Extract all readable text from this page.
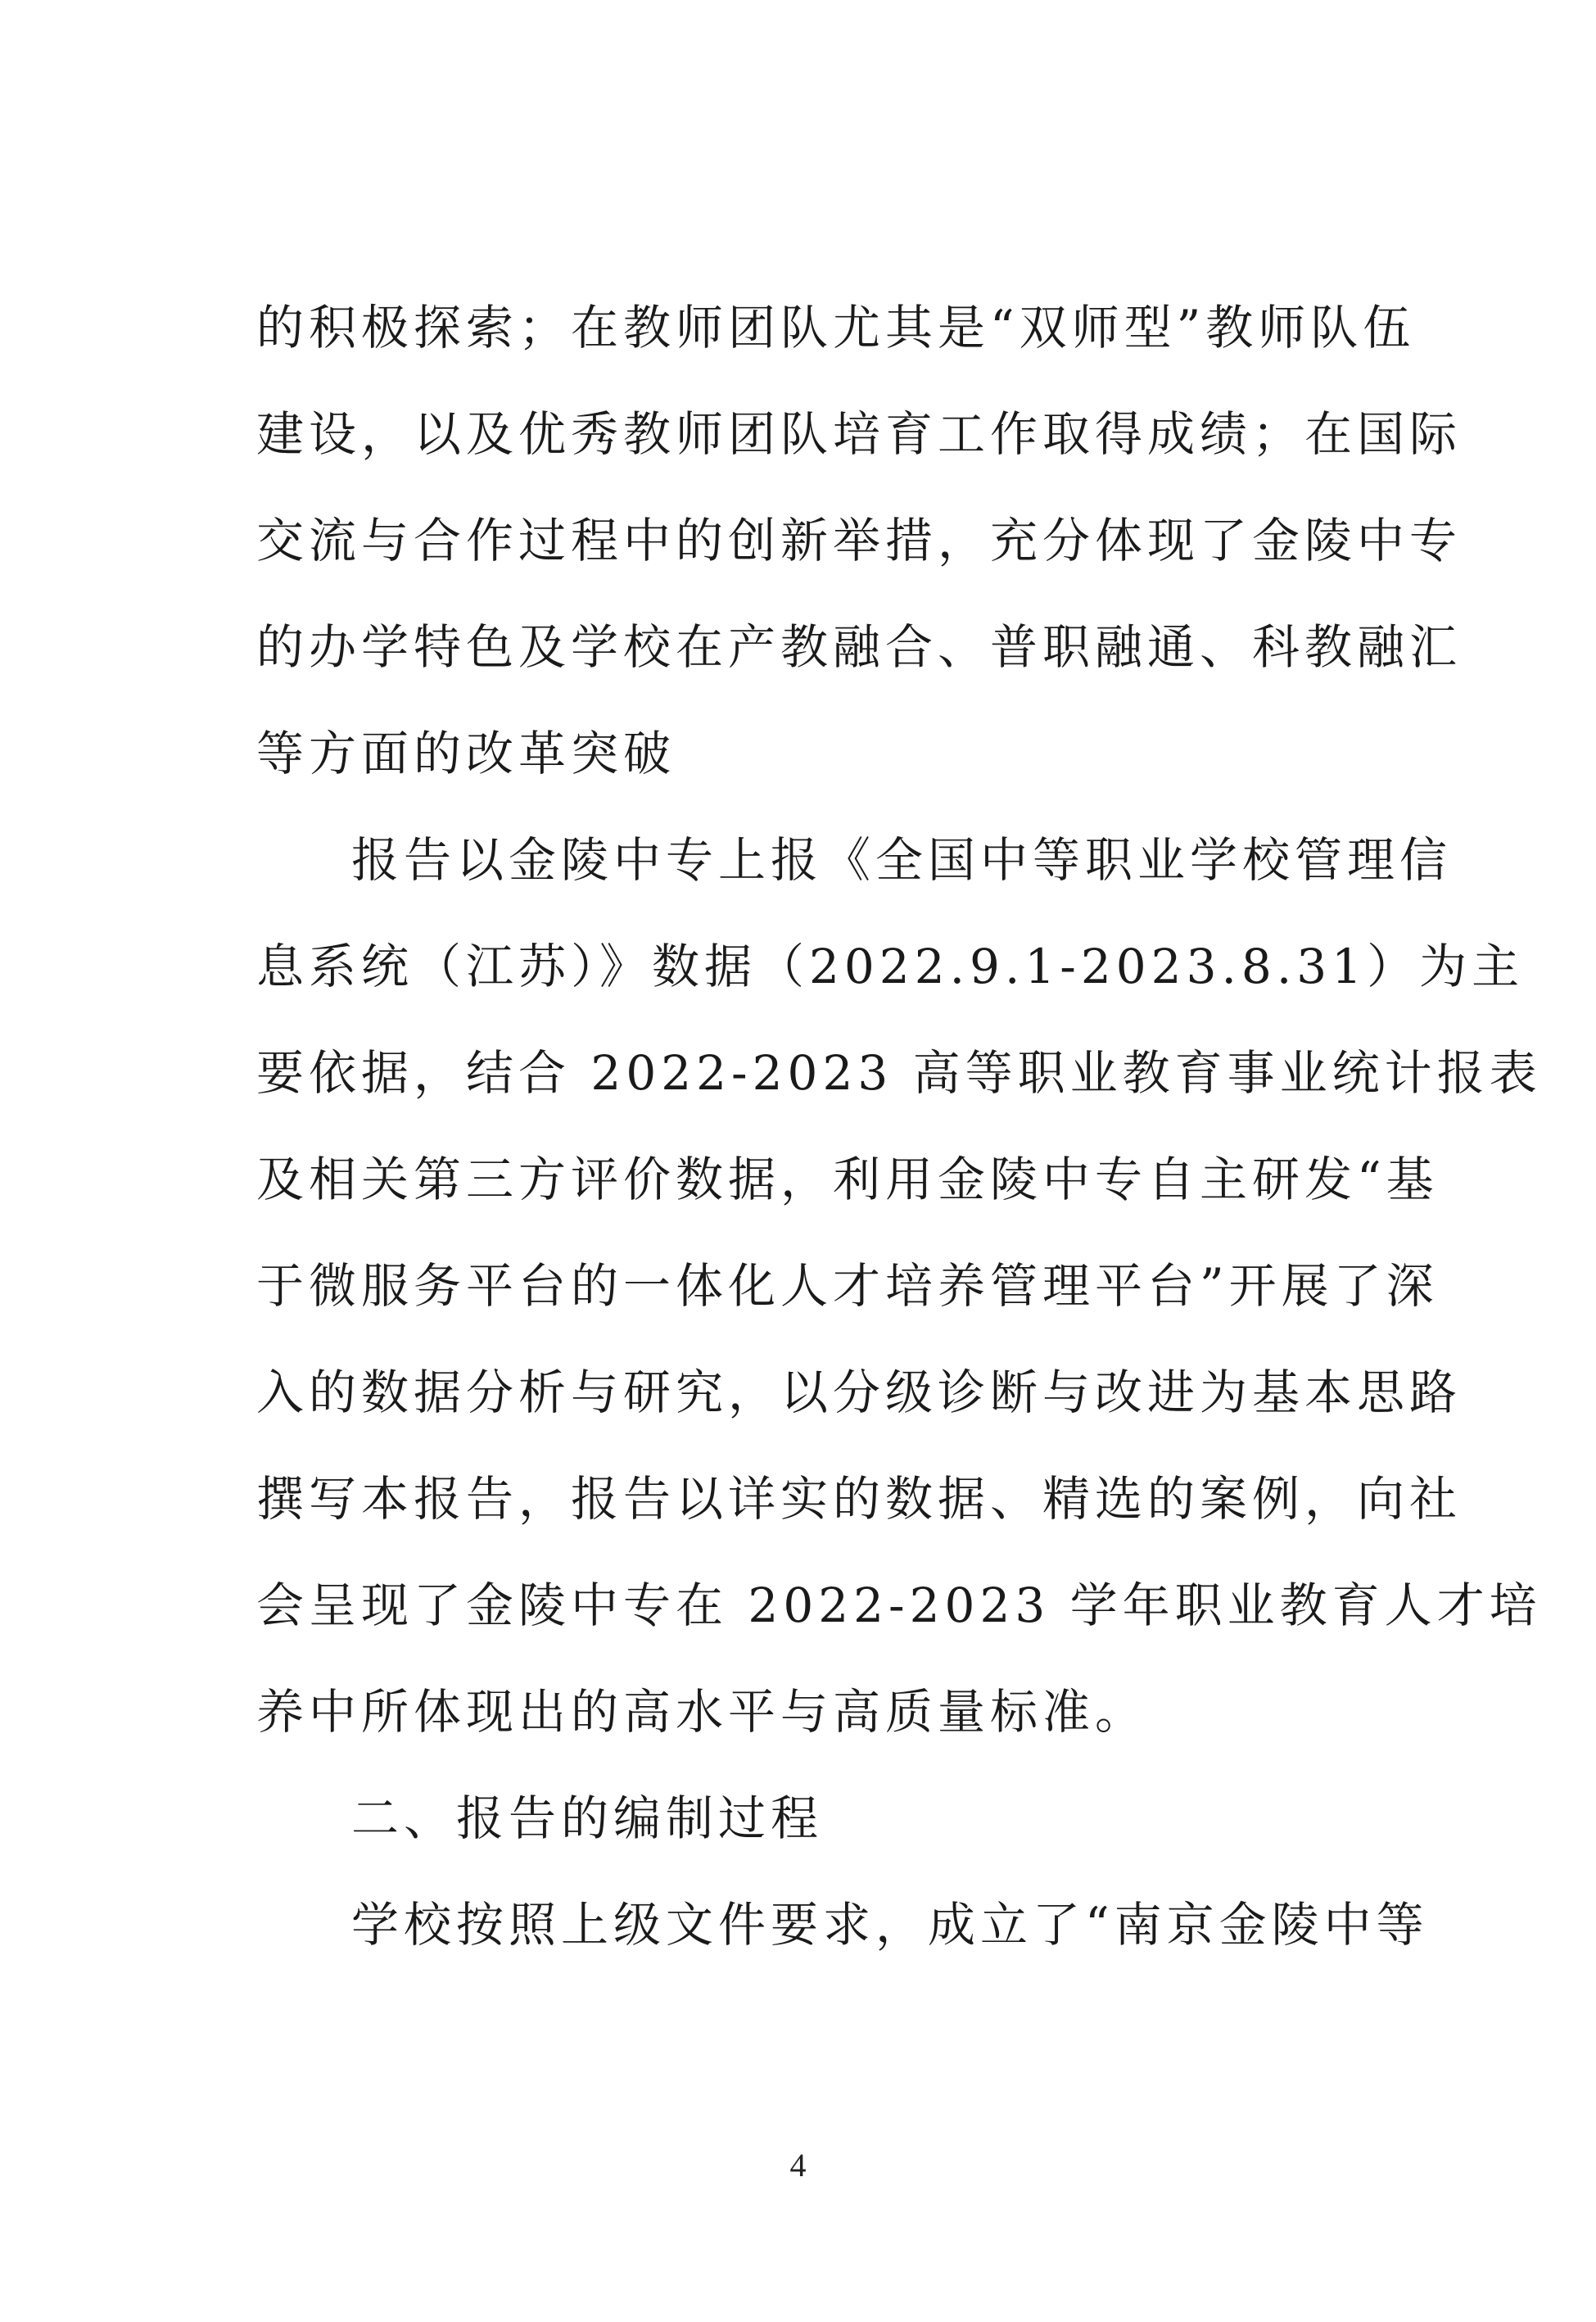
的积极探索；在教师团队尤其是“双师型”教师队伍
建设，以及优秀教师团队培育工作取得成绩；在国际
交流与合作过程中的创新举措，充分体现了金陵中专
的办学特色及学校在产教融合、普职融通、科教融汇
等方面的改革突破
报告以金陵中专上报《全国中等职业学校管理信
息系统（江苏）》数据（2022.9.1-2023.8.31）为主
要依据，结合 2022-2023 高等职业教育事业统计报表
及相关第三方评价数据，利用金陵中专自主研发“基
于微服务平台的一体化人才培养管理平台”开展了深
入的数据分析与研究，以分级诊断与改进为基本思路
撰写本报告，报告以详实的数据、精选的案例，向社
会呈现了金陵中专在 2022-2023 学年职业教育人才培
养中所体现出的高水平与高质量标准。
二、报告的编制过程
学校按照上级文件要求，成立了“南京金陵中等
4
